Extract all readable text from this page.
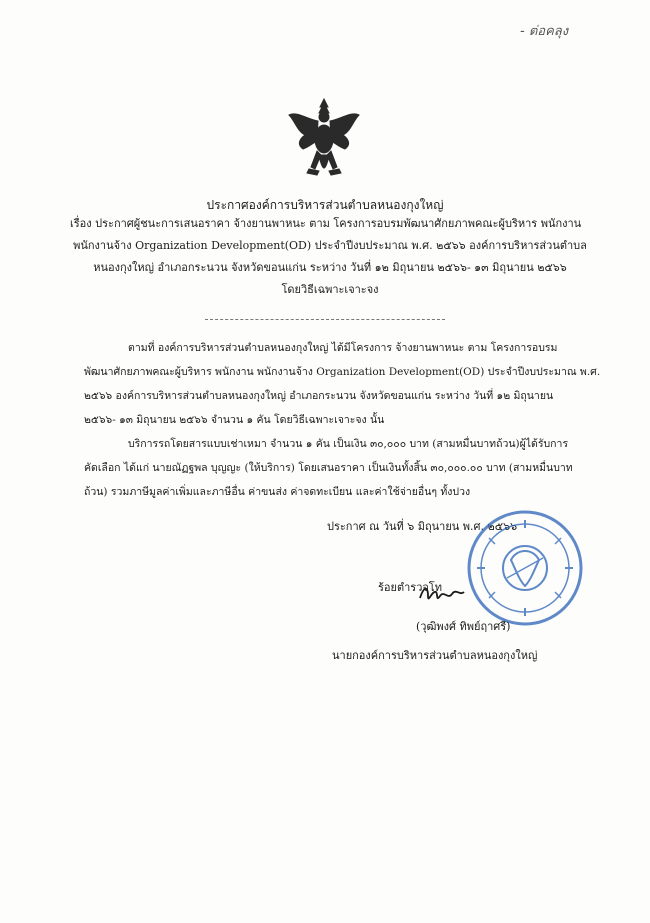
- ต่อคลุง
ประกาศองค์การบริหารส่วนตำบลหนองกุงใหญ่
เรื่อง ประกาศผู้ชนะการเสนอราคา จ้างยานพาหนะ ตาม โครงการอบรมพัฒนาศักยภาพคณะผู้บริหาร พนักงาน
พนักงานจ้าง Organization Development(OD) ประจำปีงบประมาณ พ.ศ. ๒๕๖๖ องค์การบริหารส่วนตำบล
หนองกุงใหญ่ อำเภอกระนวน จังหวัดขอนแก่น ระหว่าง วันที่ ๑๒ มิถุนายน ๒๕๖๖- ๑๓ มิถุนายน ๒๕๖๖
โดยวิธีเฉพาะเจาะจง
ตามที่ องค์การบริหารส่วนตำบลหนองกุงใหญ่ ได้มีโครงการ จ้างยานพาหนะ ตาม โครงการอบรม
พัฒนาศักยภาพคณะผู้บริหาร พนักงาน พนักงานจ้าง Organization Development(OD) ประจำปีงบประมาณ พ.ศ.
๒๕๖๖ องค์การบริหารส่วนตำบลหนองกุงใหญ่ อำเภอกระนวน จังหวัดขอนแก่น ระหว่าง วันที่ ๑๒ มิถุนายน
๒๕๖๖- ๑๓ มิถุนายน ๒๕๖๖ จำนวน ๑ คัน โดยวิธีเฉพาะเจาะจง นั้น
บริการรถโดยสารแบบเช่าเหมา จำนวน ๑ คัน เป็นเงิน ๓๐,๐๐๐ บาท (สามหมื่นบาทถ้วน)ผู้ได้รับการ
คัดเลือก ได้แก่ นายณัฏฐพล บุญญะ (ให้บริการ) โดยเสนอราคา เป็นเงินทั้งสิ้น ๓๐,๐๐๐.๐๐ บาท (สามหมื่นบาท
ถ้วน) รวมภาษีมูลค่าเพิ่มและภาษีอื่น ค่าขนส่ง ค่าจดทะเบียน และค่าใช้จ่ายอื่นๆ ทั้งปวง
ประกาศ ณ วันที่ ๖ มิถุนายน พ.ศ. ๒๕๖๖
ร้อยตำรวจโท
(วุฒิพงศ์ ทิพย์ฤาศรี)
นายกองค์การบริหารส่วนตำบลหนองกุงใหญ่
